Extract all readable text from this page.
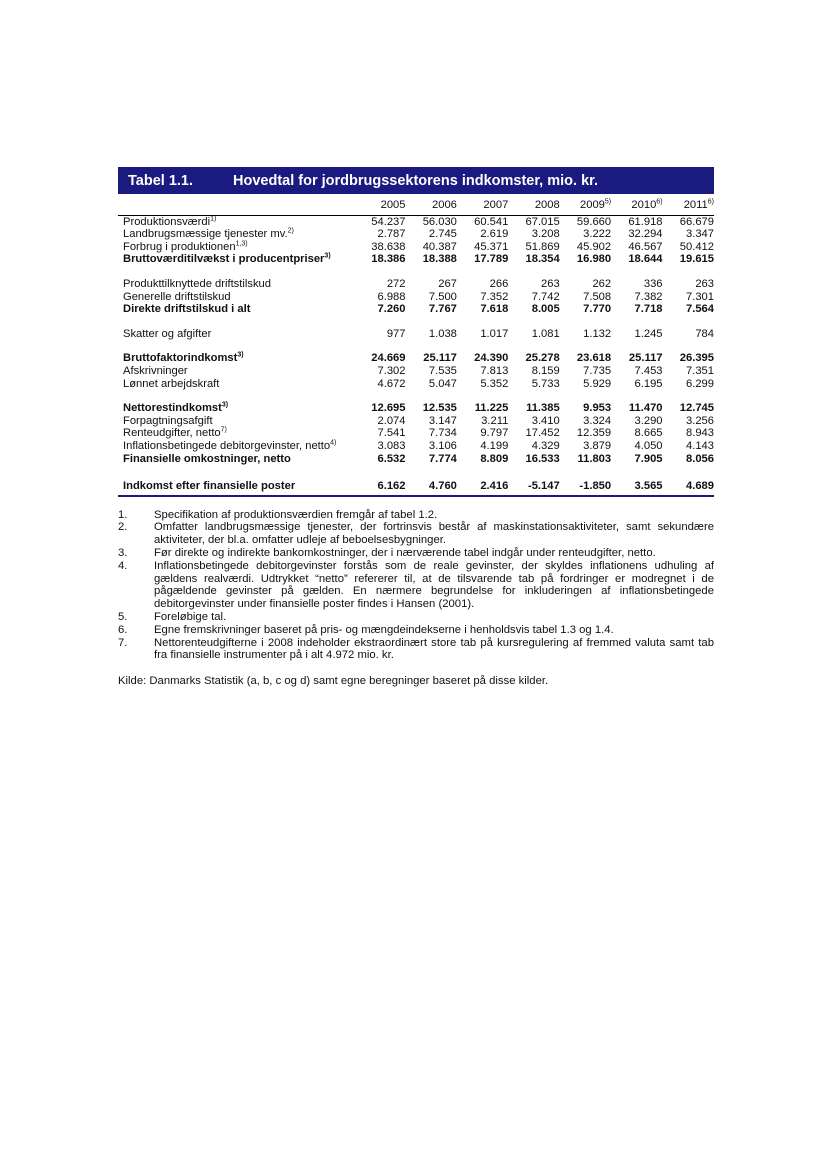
Tabel 1.1.	Hovedtal for jordbrugssektorens indkomster, mio. kr.
	2005	2006	2007	2008	2009$^{5)}$	2010$^{6)}$	2011$^{6)}$
Produktionsværdi$^{1)}$	54.237	56.030	60.541	67.015	59.660	61.918	66.679
Landbrugsmæssige tjenester mv.$^{2)}$	2.787	2.745	2.619	3.208	3.222	32.294	3.347
Forbrug i produktionen$^{1,3)}$	38.638	40.387	45.371	51.869	45.902	46.567	50.412
Bruttoværditilvækst i producentpriser$^{3)}$	18.386	18.388	17.789	18.354	16.980	18.644	19.615

Produkttilknyttede driftstilskud	272	267	266	263	262	336	263
Generelle driftstilskud	6.988	7.500	7.352	7.742	7.508	7.382	7.301
Direkte driftstilskud i alt	7.260	7.767	7.618	8.005	7.770	7.718	7.564

Skatter og afgifter	977	1.038	1.017	1.081	1.132	1.245	784

Bruttofaktorindkomst$^{3)}$	24.669	25.117	24.390	25.278	23.618	25.117	26.395
Afskrivninger	7.302	7.535	7.813	8.159	7.735	7.453	7.351
Lønnet arbejdskraft	4.672	5.047	5.352	5.733	5.929	6.195	6.299

Nettorestindkomst$^{3)}$	12.695	12.535	11.225	11.385	9.953	11.470	12.745
Forpagtningsafgift	2.074	3.147	3.211	3.410	3.324	3.290	3.256
Renteudgifter, netto$^{7)}$	7.541	7.734	9.797	17.452	12.359	8.665	8.943
Inflationsbetingede debitorgevinster, netto$^{4)}$	3.083	3.106	4.199	4.329	3.879	4.050	4.143
Finansielle omkostninger, netto	6.532	7.774	8.809	16.533	11.803	7.905	8.056

Indkomst efter finansielle poster	6.162	4.760	2.416	-5.147	-1.850	3.565	4.689
1.	Specifikation af produktionsværdien fremgår af tabel 1.2.
2.	Omfatter landbrugsmæssige tjenester, der fortrinsvis består af maskinstationsaktiviteter, samt sekundære aktiviteter, der bl.a. omfatter udleje af beboelsesbygninger.
3.	Før direkte og indirekte bankomkostninger, der i nærværende tabel indgår under renteudgifter, netto.
4.	Inflationsbetingede debitorgevinster forstås som de reale gevinster, der skyldes inflationens udhuling af gældens realværdi. Udtrykket “netto” refererer til, at de tilsvarende tab på fordringer er modregnet i de pågældende gevinster på gælden. En nærmere begrundelse for inkluderingen af inflationsbetingede debitorgevinster under finansielle poster findes i Hansen (2001).
5.	Foreløbige tal.
6.	Egne fremskrivninger baseret på pris- og mængdeindekserne i henholdsvis tabel 1.3 og 1.4.
7.	Nettorenteudgifterne i 2008 indeholder ekstraordinært store tab på kursregulering af fremmed valuta samt tab fra finansielle instrumenter på i alt 4.972 mio. kr.
Kilde: Danmarks Statistik (a, b, c og d) samt egne beregninger baseret på disse kilder.
